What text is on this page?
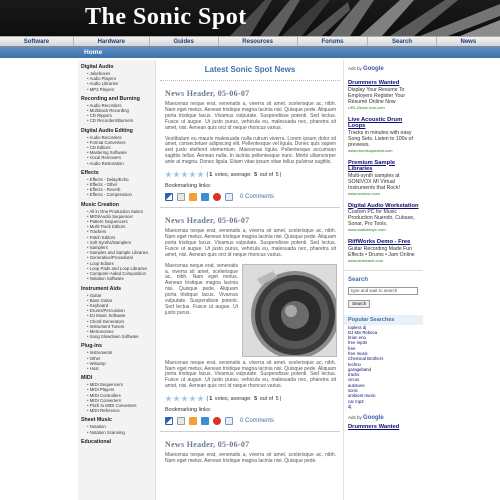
The Sonic Spot
Software	Hardware	Guides	Resources	Forums	Search	News
Home
Digital Audio
• Jukeboxes
• Audio Players
• Audio Libraries
• MP3 Players
Recording and Burning
• Audio Recorders
• Multitrack Recording
• CD Rippers
• CD Recorders/Burners
Digital Audio Editing
• Audio Recorders
• Format Converters
• CD Editors
• Mastering Software
• Vocal Removers
• Audio Restoration
Effects
• Effects - Delay/Echo
• Effects - Other
• Effects - Reverb
• Effects - Compression
Music Creation
• All in One Production Suites
• MIDI/Audio Sequencer
• Pattern Sequencers
• Multi-Track Editors
• Trackers
• Patch Editors
• Soft Synths/Samplers
• Samplers
• Samples and Sample Libraries
• Generative/Procedural
• Loop Editors
• Loop Pads and Loop Libraries
• Computer-Aided Composition
• Notation Software
Instrument Aids
• Guitar
• Bass Guitar
• Keyboard
• Drums/Percussion
• DJ Music Software
• Chord Generators
• Instrument Tuners
• Metronomes
• Song Slowdown Software
Plug-ins
• Instruments
• Other
• Winamp
• Host
MIDI
• MIDI Sequencers
• MIDI Players
• MIDI Controllers
• MIDI Converters
• Pitch to MIDI Converters
• MIDI Reference
Sheet Music
• Notation
• Notation Scanning
Educational
Latest Sonic Spot News
News Header, 05-06-07

Maecenas neque erat, venenatis a, viverra sit amet, scelerisque ac, nibh. Nam eget metus. Aenean tristique magna lacinia nisi. Quisque pede. Aliquam porta tristique lacus. Vivamus vulputate. Suspendisse potenti. Sed lectus. Fusce ut augue. Ut justo purus, vehicula eu, malesuada nec, pharetra sit amet, nisi. Aenean quis orci id neque rhoncus varius.

Vestibulum eu mauris malesuada nulla rutrum viverra. Lorem ipsum dolor sit amet, consectetuer adipiscing elit. Pellentesque vel ligula. Donec quis sapien sed justo eleifend elementum. Maecenas ligula. Pellentesque accumsan sagittis tellus. Aenean nulla. In lacinia pellentesque nunc. Morbi ullamcorper ante at magna. Donec ligula. Etiam vitae ipsum vitae tellus pulvinar sagittis.

( 1 votes, average: 5 out of 5 )
Bookmarking links:
0 Comments
News Header, 05-06-07

Maecenas neque erat, venenatis a, viverra sit amet, scelerisque ac, nibh. Nam eget metus. Aenean tristique magna lacinia nisi. Quisque pede. Aliquam porta tristique lacus. Vivamus vulputate. Suspendisse potenti. Sed lectus. Fusce ut augue. Ut justo purus, vehicula eu, malesuada nec, pharetra sit amet, nisi. Aenean quis orci id neque rhoncus varius.

Maecenas neque erat, venenatis a, viverra sit amet, scelerisque ac, nibh. Nam eget metus. Aenean tristique magna lacinia nisi. Quisque pede. Aliquam porta tristique lacus. Vivamus vulputate. Suspendisse potenti. Sed lectus. Fusce ut augue. Ut justo purus.

Maecenas neque erat, venenatis a, viverra sit amet, scelerisque ac, nibh. Nam eget metus. Aenean tristique magna lacinia nisi. Quisque pede. Aliquam porta tristique lacus. Vivamus vulputate. Suspendisse potenti. Sed lectus. Fusce ut augue. Ut justo purus, vehicula eu, malesuada nec, pharetra sit amet, nisi. Aenean quis orci id neque rhoncus varius.

( 1 votes, average: 5 out of 5 )
Bookmarking links:
0 Comments
News Header, 05-06-07

Maecenas neque erat, venenatis a, viverra sit amet, scelerisque ac, nibh. Nam eget metus. Aenean tristique magna lacinia nisi. Quisque pede.

Ads by Google
Drummers Wanted
Display Your Resume To Employers Register Your Résumé Online Now
URL-Music.cclo.com
Live Acoustic Drum Loops
Tracks in minutes with easy Song Sets. Listen to 100s of previews.
www.drumloopsdeal.com
Premium Sample Libraries
Multi-synth samples at SONIVOX MI Virtual Instruments that Rock!
www.sonivox.com
Digital Audio Workstation
Custom PC for Music Production Nuendo, Cubase, Sonar, Pro Tools.
www.audiotecpc.com
RiffWorks Demo - Free
Guitar Recording Made Fun Effects • Drums • Jam Online
www.sinewave.com
Search
type and wait to search
Search
Popular Searches
topless dj
DJ Mix Rebeca
brian eno
free mp3s
free
free music
Chemical Brothers
techno
garageband
tracks
circus
autotune
sonic
ambient music
car mp3
dj
Ads by Google
Drummers Wanted
